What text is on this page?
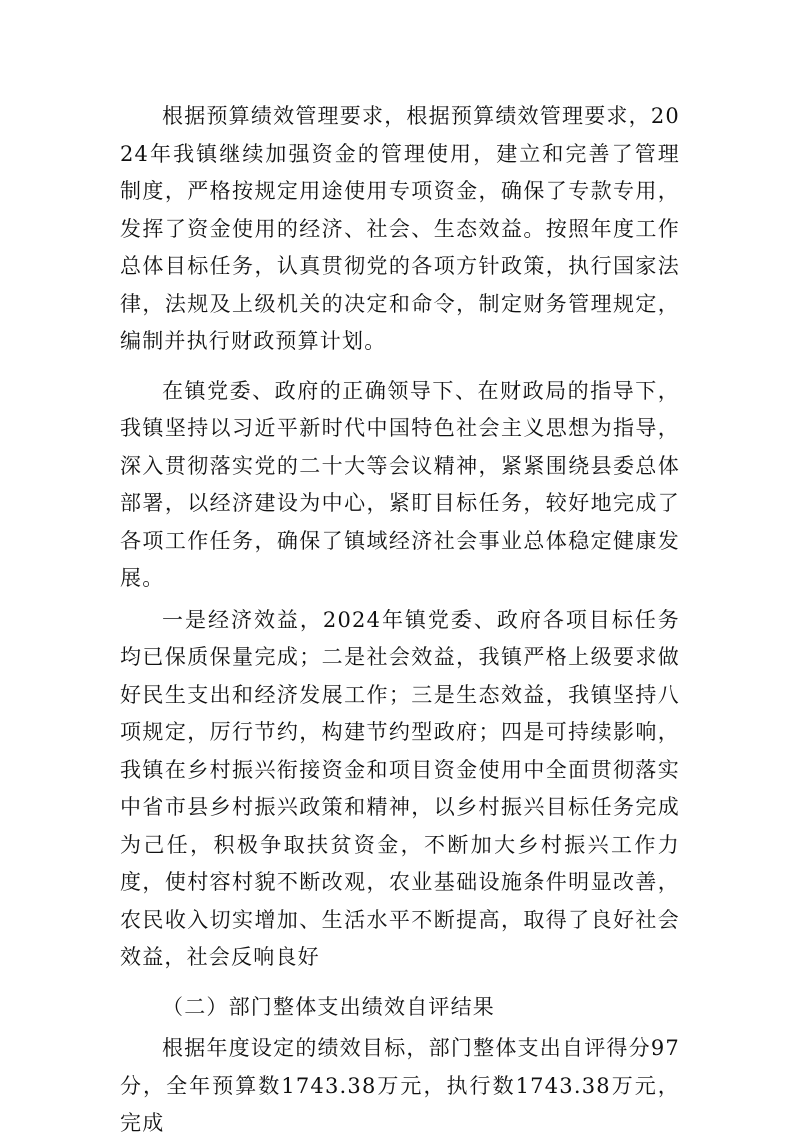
根据预算绩效管理要求，根据预算绩效管理要求，2024年我镇继续加强资金的管理使用，建立和完善了管理制度，严格按规定用途使用专项资金，确保了专款专用，发挥了资金使用的经济、社会、生态效益。按照年度工作总体目标任务，认真贯彻党的各项方针政策，执行国家法律，法规及上级机关的决定和命令，制定财务管理规定，编制并执行财政预算计划。

在镇党委、政府的正确领导下、在财政局的指导下，我镇坚持以习近平新时代中国特色社会主义思想为指导，深入贯彻落实党的二十大等会议精神，紧紧围绕县委总体部署，以经济建设为中心，紧盯目标任务，较好地完成了各项工作任务，确保了镇域经济社会事业总体稳定健康发展。

一是经济效益，2024年镇党委、政府各项目标任务均已保质保量完成；二是社会效益，我镇严格上级要求做好民生支出和经济发展工作；三是生态效益，我镇坚持八项规定，厉行节约，构建节约型政府；四是可持续影响，我镇在乡村振兴衔接资金和项目资金使用中全面贯彻落实中省市县乡村振兴政策和精神，以乡村振兴目标任务完成为己任，积极争取扶贫资金，不断加大乡村振兴工作力度，使村容村貌不断改观，农业基础设施条件明显改善，农民收入切实增加、生活水平不断提高，取得了良好社会效益，社会反响良好

（二）部门整体支出绩效自评结果

根据年度设定的绩效目标，部门整体支出自评得分97分，全年预算数1743.38万元，执行数1743.38万元，完成
